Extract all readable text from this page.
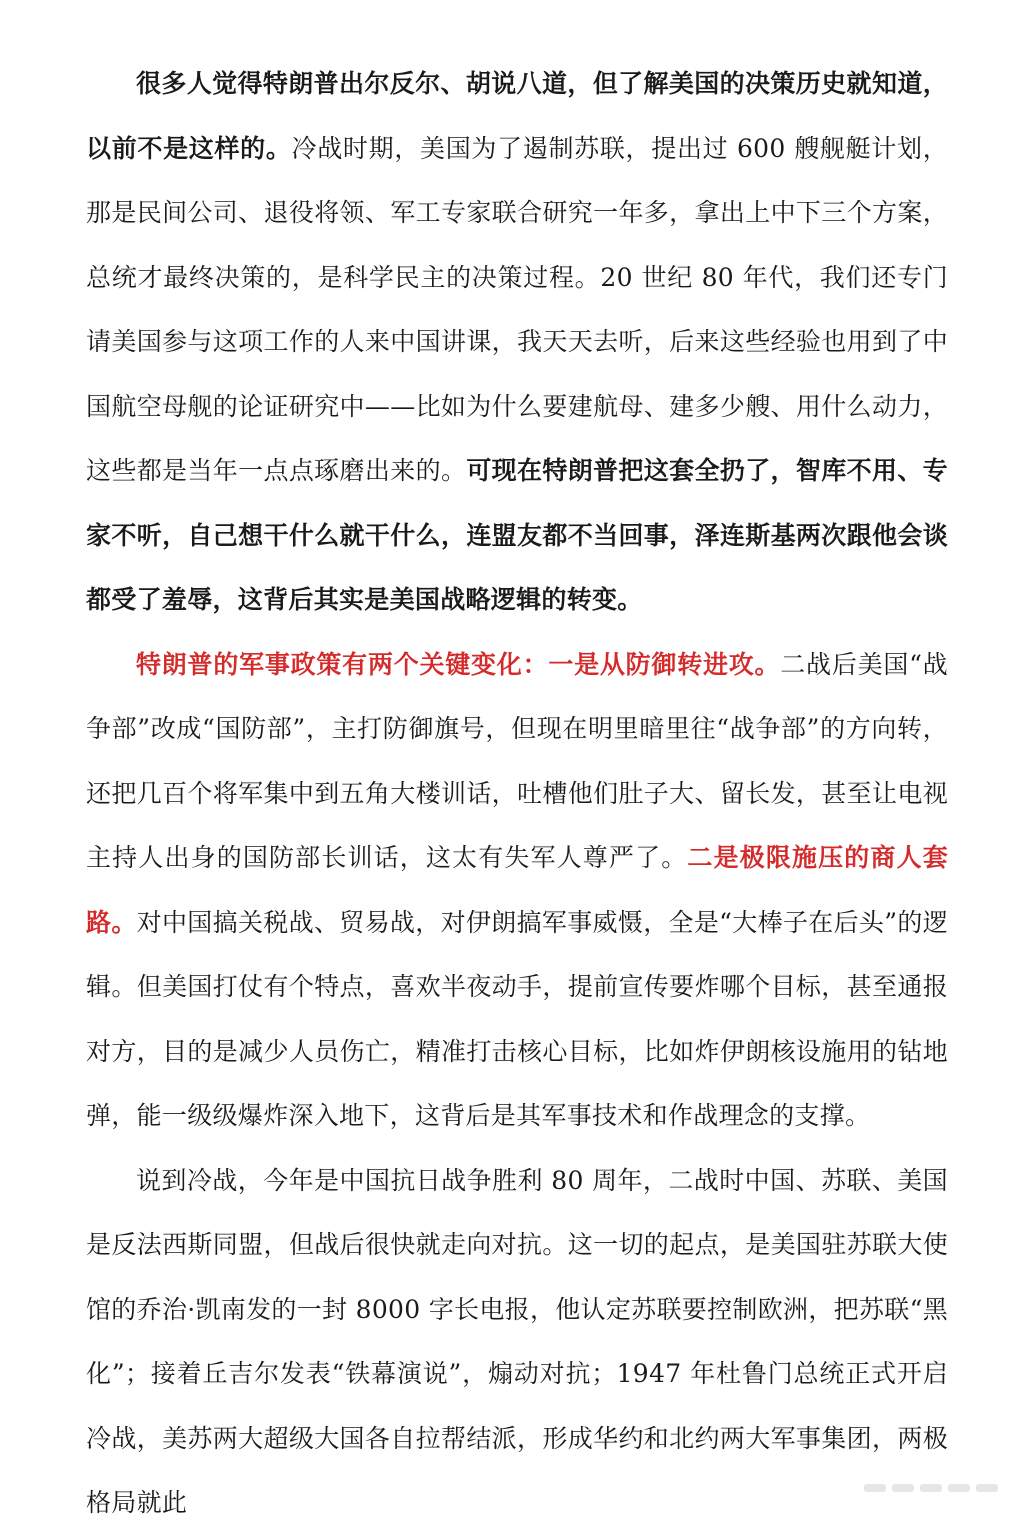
很多人觉得特朗普出尔反尔、胡说八道，但了解美国的决策历史就知道，以前不是这样的。冷战时期，美国为了遏制苏联，提出过 600 艘舰艇计划，那是民间公司、退役将领、军工专家联合研究一年多，拿出上中下三个方案，总统才最终决策的，是科学民主的决策过程。20 世纪 80 年代，我们还专门请美国参与这项工作的人来中国讲课，我天天去听，后来这些经验也用到了中国航空母舰的论证研究中——比如为什么要建航母、建多少艘、用什么动力，这些都是当年一点点琢磨出来的。可现在特朗普把这套全扔了，智库不用、专家不听，自己想干什么就干什么，连盟友都不当回事，泽连斯基两次跟他会谈都受了羞辱，这背后其实是美国战略逻辑的转变。

特朗普的军事政策有两个关键变化：一是从防御转进攻。二战后美国“战争部”改成“国防部”，主打防御旗号，但现在明里暗里往“战争部”的方向转，还把几百个将军集中到五角大楼训话，吐槽他们肚子大、留长发，甚至让电视主持人出身的国防部长训话，这太有失军人尊严了。二是极限施压的商人套路。对中国搞关税战、贸易战，对伊朗搞军事威慑，全是“大棒子在后头”的逻辑。但美国打仗有个特点，喜欢半夜动手，提前宣传要炸哪个目标，甚至通报对方，目的是减少人员伤亡，精准打击核心目标，比如炸伊朗核设施用的钻地弹，能一级级爆炸深入地下，这背后是其军事技术和作战理念的支撑。

说到冷战，今年是中国抗日战争胜利 80 周年，二战时中国、苏联、美国是反法西斯同盟，但战后很快就走向对抗。这一切的起点，是美国驻苏联大使馆的乔治·凯南发的一封 8000 字长电报，他认定苏联要控制欧洲，把苏联“黑化”；接着丘吉尔发表“铁幕演说”，煽动对抗；1947 年杜鲁门总统正式开启冷战，美苏两大超级大国各自拉帮结派，形成华约和北约两大军事集团，两极格局就此
